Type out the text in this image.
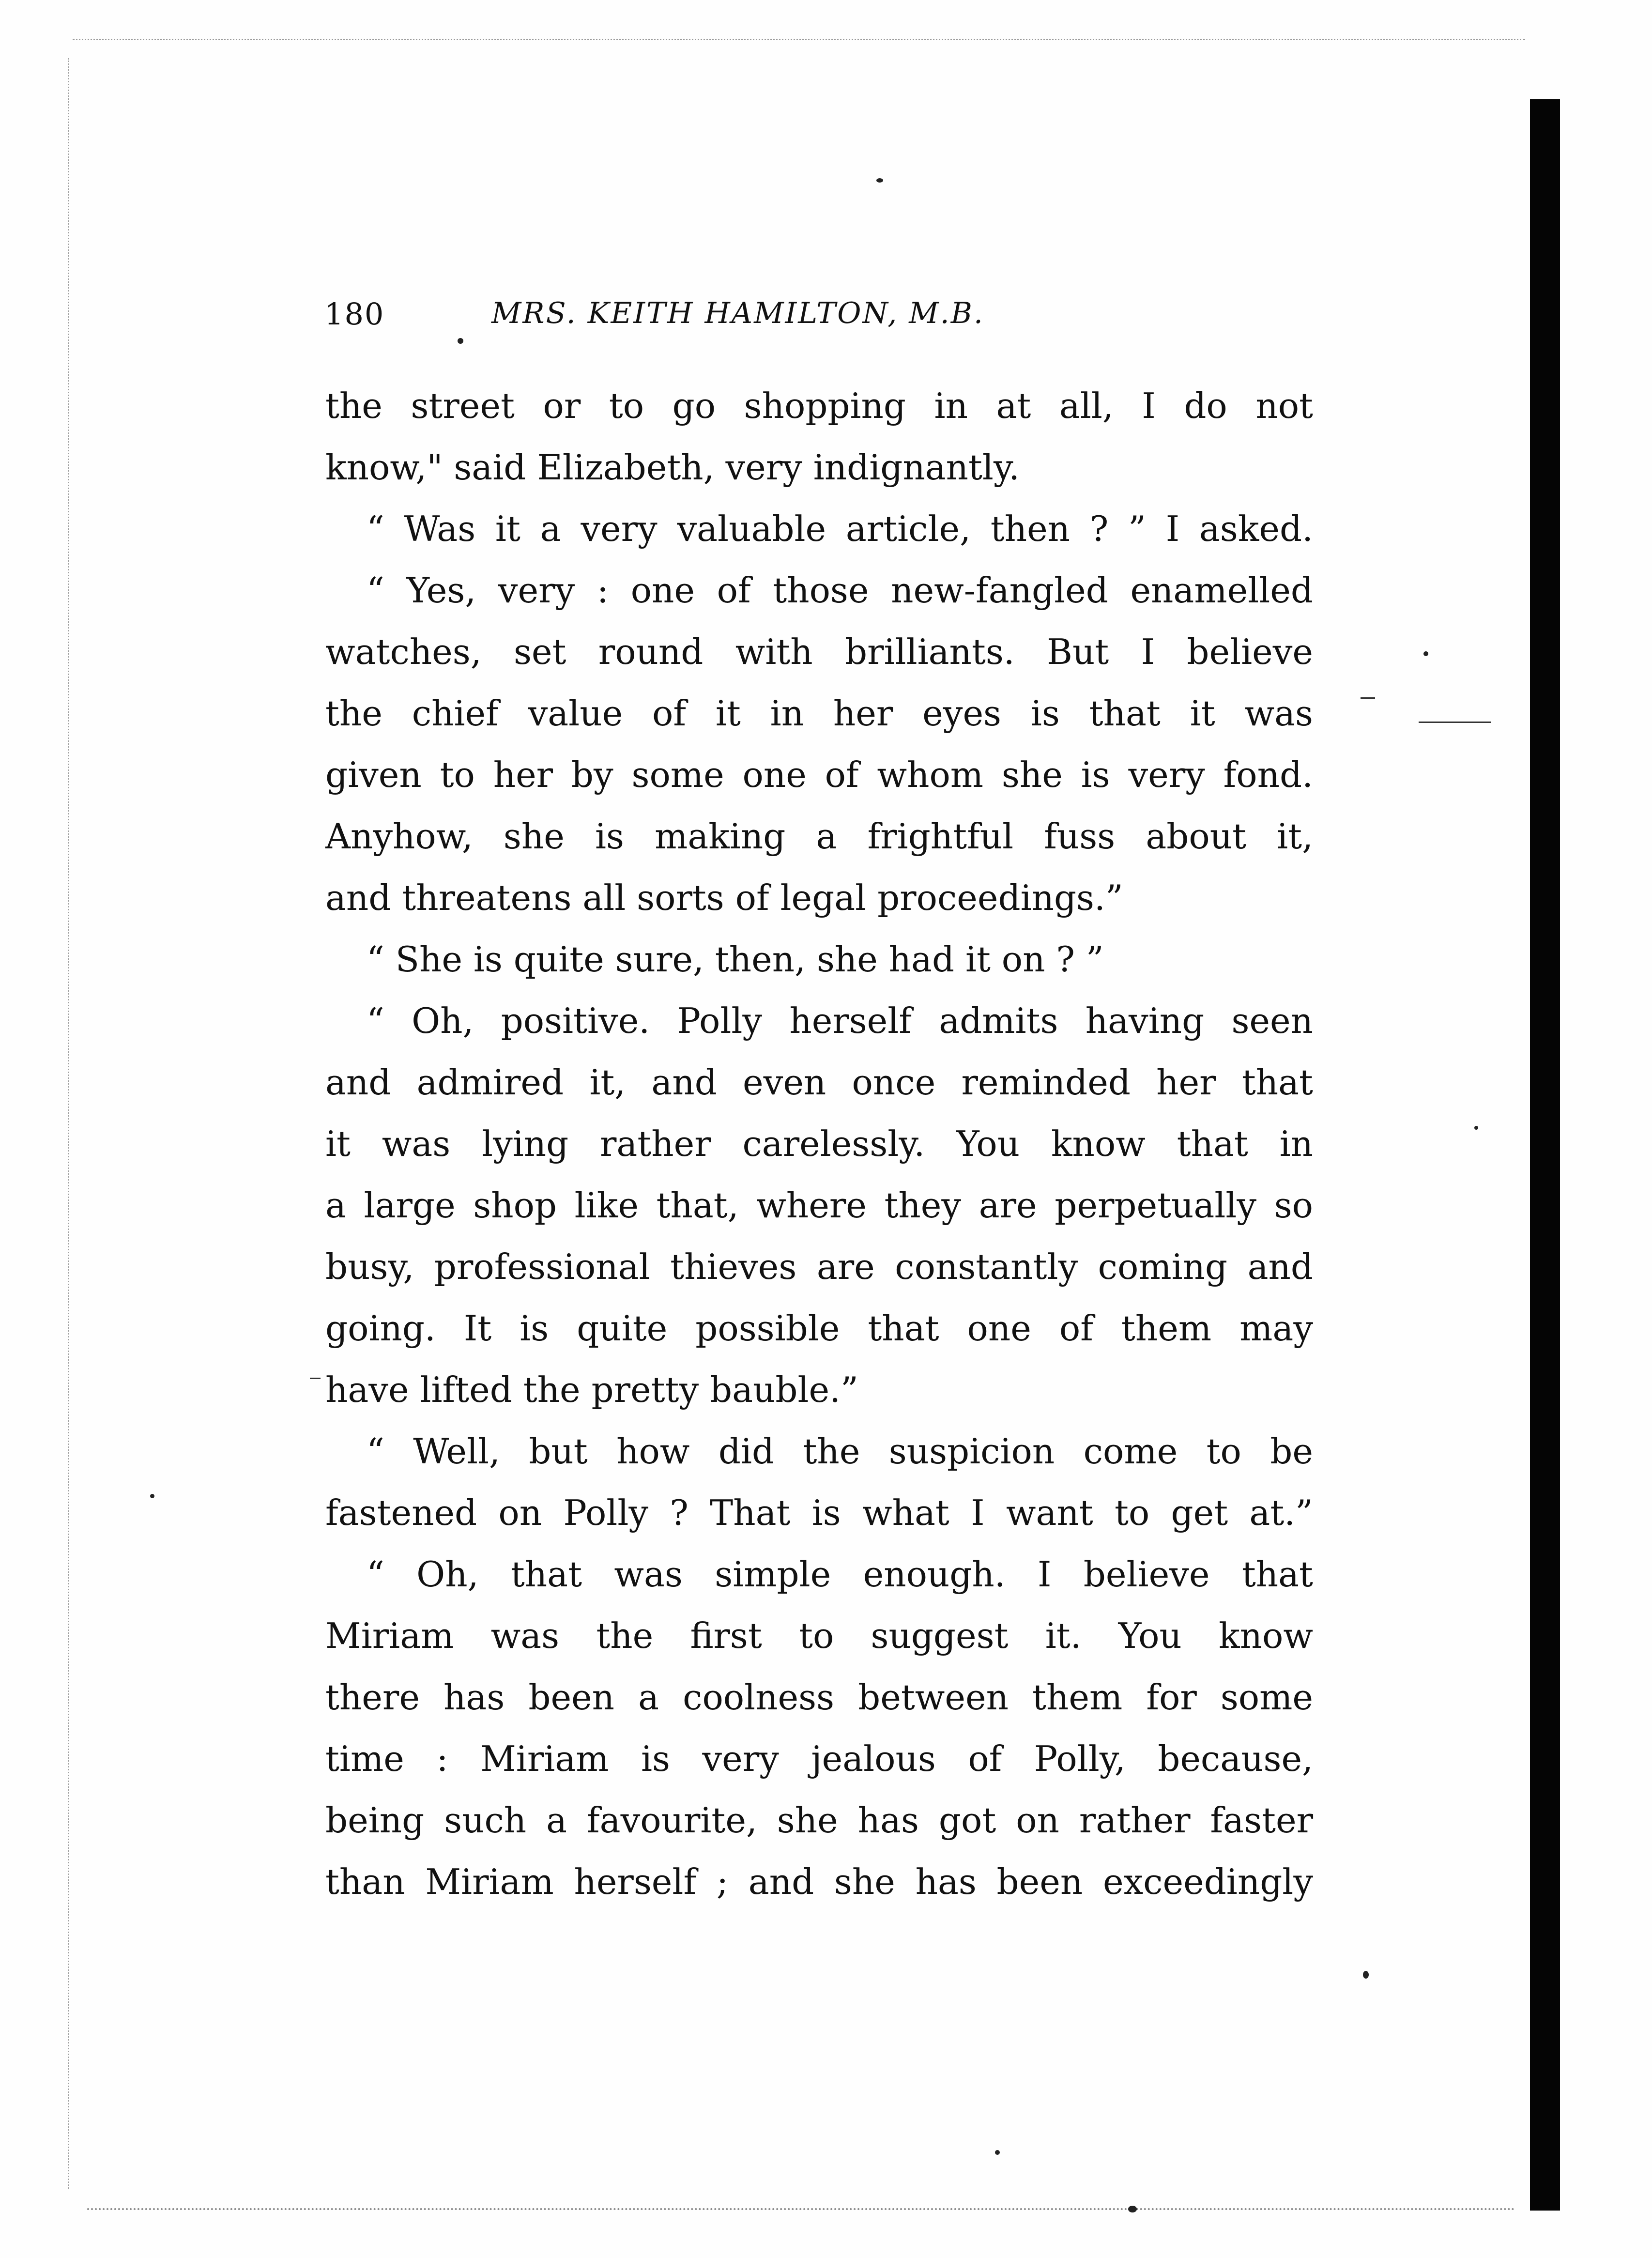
180	MRS. KEITH HAMILTON, M.B.
the street or to go shopping in at all, I do not
know," said Elizabeth, very indignantly.
“ Was it a very valuable article, then ? ” I asked.
“ Yes, very : one of those new-fangled enamelled
watches, set round with brilliants. But I believe
the chief value of it in her eyes is that it was
given to her by some one of whom she is very fond.
Anyhow, she is making a frightful fuss about it,
and threatens all sorts of legal proceedings.”
“ She is quite sure, then, she had it on ? ”
“ Oh, positive. Polly herself admits having seen
and admired it, and even once reminded her that
it was lying rather carelessly. You know that in
a large shop like that, where they are perpetually so
busy, professional thieves are constantly coming and
going. It is quite possible that one of them may
have lifted the pretty bauble.”
“ Well, but how did the suspicion come to be
fastened on Polly ? That is what I want to get at.”
“ Oh, that was simple enough. I believe that
Miriam was the first to suggest it. You know
there has been a coolness between them for some
time : Miriam is very jealous of Polly, because,
being such a favourite, she has got on rather faster
than Miriam herself ; and she has been exceedingly
